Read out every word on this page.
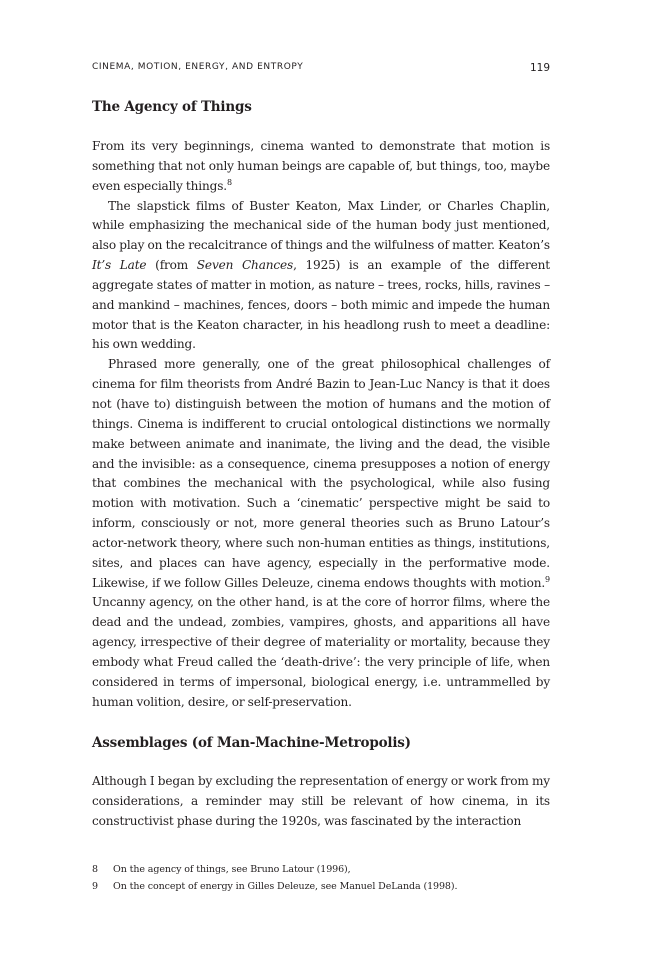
CINEMA, MOTION, ENERGY, AND ENTROPY	119
The Agency of Things

From its very beginnings, cinema wanted to demonstrate that motion is something that not only human beings are capable of, but things, too, maybe even especially things.$^8$

The slapstick films of Buster Keaton, Max Linder, or Charles Chaplin, while emphasizing the mechanical side of the human body just mentioned, also play on the recalcitrance of things and the wilfulness of matter. Keaton’s It’s Late (from Seven Chances, 1925) is an example of the different aggregate states of matter in motion, as nature – trees, rocks, hills, ravines – and mankind – machines, fences, doors – both mimic and impede the human motor that is the Keaton character, in his headlong rush to meet a deadline: his own wedding.

Phrased more generally, one of the great philosophical challenges of cinema for film theorists from André Bazin to Jean-Luc Nancy is that it does not (have to) distinguish between the motion of humans and the motion of things. Cinema is indifferent to crucial ontological distinctions we normally make between animate and inanimate, the living and the dead, the visible and the invisible: as a consequence, cinema presupposes a notion of energy that combines the mechanical with the psychological, while also fusing motion with motivation. Such a ‘cinematic’ perspective might be said to inform, consciously or not, more general theories such as Bruno Latour’s actor-network theory, where such non-human entities as things, institutions, sites, and places can have agency, especially in the performative mode. Likewise, if we follow Gilles Deleuze, cinema endows thoughts with motion.$^9$ Uncanny agency, on the other hand, is at the core of horror films, where the dead and the undead, zombies, vampires, ghosts, and apparitions all have agency, irrespective of their degree of materiality or mortality, because they embody what Freud called the ‘death-drive’: the very principle of life, when considered in terms of impersonal, biological energy, i.e. untrammelled by human volition, desire, or self-preservation.

Assemblages (of Man-Machine-Metropolis)

Although I began by excluding the representation of energy or work from my considerations, a reminder may still be relevant of how cinema, in its constructivist phase during the 1920s, was fascinated by the interaction

8 On the agency of things, see Bruno Latour (1996),
9 On the concept of energy in Gilles Deleuze, see Manuel DeLanda (1998).
